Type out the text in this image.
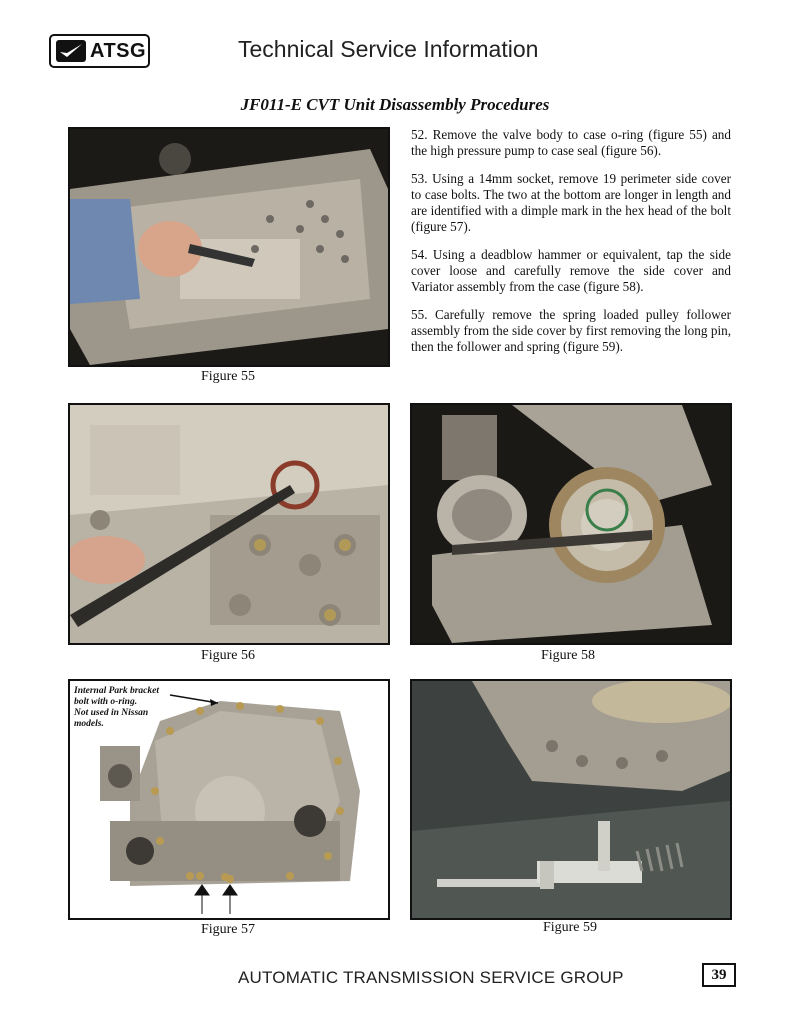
ATSG	Technical Service Information
JF011-E CVT Unit Disassembly Procedures
Figure 55

52. Remove the valve body to case o-ring (figure 55) and the high pressure pump to case seal (figure 56).

53. Using a 14mm socket, remove 19 perimeter side cover to case bolts. The two at the bottom are longer in length and are identified with a dimple mark in the hex head of the bolt (figure 57).

54. Using a deadblow hammer or equivalent, tap the side cover loose and carefully remove the side cover and Variator assembly from the case (figure 58).

55. Carefully remove the spring loaded pulley follower assembly from the side cover by first removing the long pin, then the follower and spring (figure 59).

Figure 56	Figure 58
Internal Park bracket
bolt with o-ring.
Not used in Nissan
models.
Figure 57	Figure 59
AUTOMATIC TRANSMISSION SERVICE GROUP	39
